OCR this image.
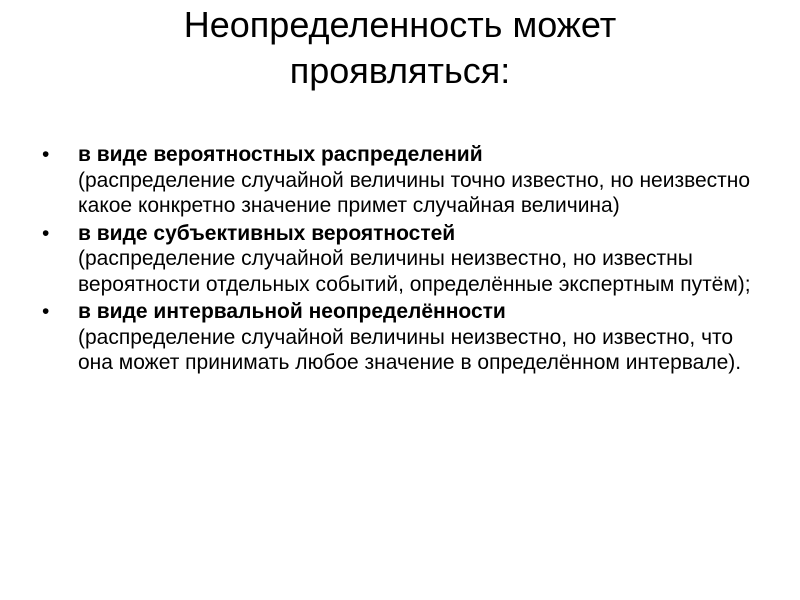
Неопределенность может
проявляться:
• в виде вероятностных распределений
(распределение случайной величины точно известно, но неизвестно какое конкретно значение примет случайная величина)
• в виде субъективных вероятностей
(распределение случайной величины неизвестно, но известны вероятности отдельных событий, определённые экспертным путём);
• в виде интервальной неопределённости
(распределение случайной величины неизвестно, но известно, что она может принимать любое значение в определённом интервале).
